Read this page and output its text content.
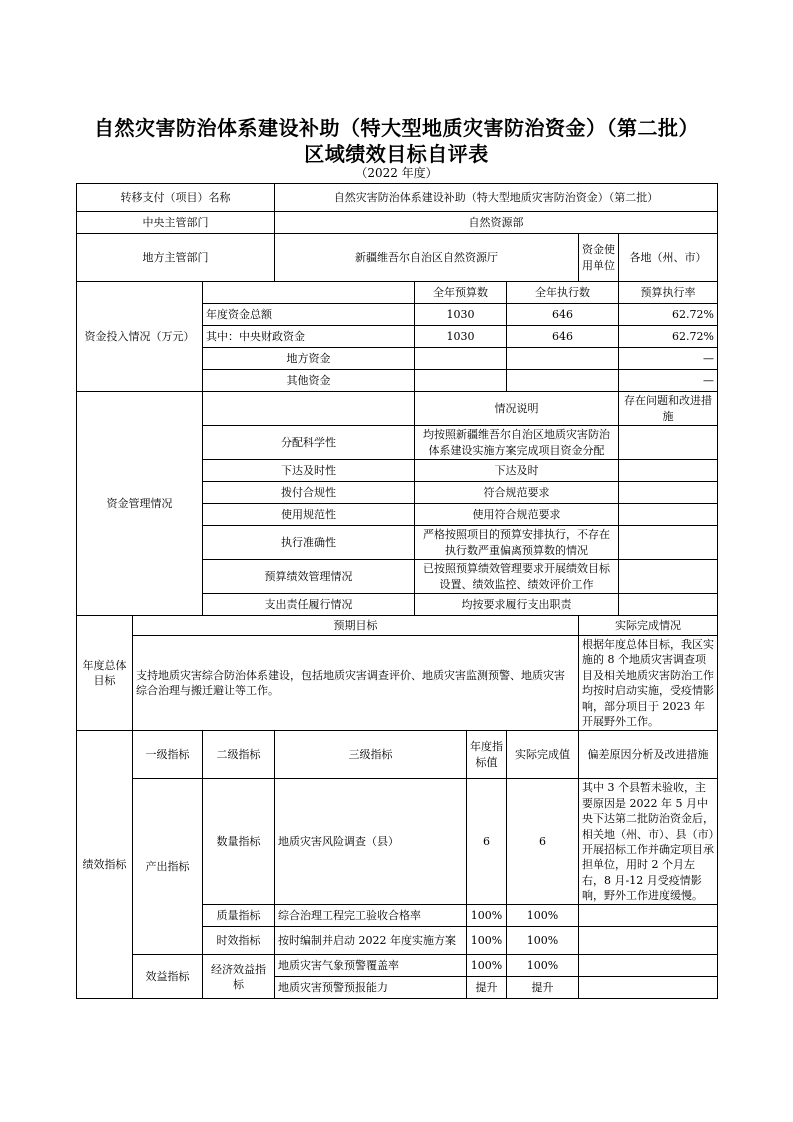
自然灾害防治体系建设补助（特大型地质灾害防治资金）（第二批）
区域绩效目标自评表
（2022 年度）
转移支付（项目）名称			自然灾害防治体系建设补助（特大型地质灾害防治资金）（第二批）					
中央主管部门			自然资源部					
地方主管部门			新疆维吾尔自治区自然资源厅				资金使用单位	各地（州、市）
资金投入情况（万元）				全年预算数		全年执行数		预算执行率
		年度资金总额		1030		646		62.72%
		其中：中央财政资金		1030		646		62.72%
		地方资金						—
		其他资金						—
资金管理情况				情况说明				存在问题和改进措施
		分配科学性		均按照新疆维吾尔自治区地质灾害防治体系建设实施方案完成项目资金分配				
		下达及时性		下达及时				
		拨付合规性		符合规范要求				
		使用规范性		使用符合规范要求				
		执行准确性		严格按照项目的预算安排执行，不存在执行数严重偏离预算数的情况				
		预算绩效管理情况		已按照预算绩效管理要求开展绩效目标设置、绩效监控、绩效评价工作				
		支出责任履行情况		均按要求履行支出职责				
年度总体目标	预期目标						实际完成情况	
	支持地质灾害综合防治体系建设，包括地质灾害调查评价、地质灾害监测预警、地质灾害综合治理与搬迁避让等工作。						根据年度总体目标，我区实施的 8 个地质灾害调查项目及相关地质灾害防治工作均按时启动实施，受疫情影响，部分项目于 2023 年开展野外工作。	
绩效指标	一级指标	二级指标	三级指标		年度指标值	实际完成值	偏差原因分析及改进措施	
	产出指标	数量指标	地质灾害风险调查（县）		6	6	其中 3 个县暂未验收，主要原因是 2022 年 5 月中央下达第二批防治资金后，相关地（州、市）、县（市）开展招标工作并确定项目承担单位，用时 2 个月左右，8 月-12 月受疫情影响，野外工作进度缓慢。	
		质量指标	综合治理工程完工验收合格率		100%	100%		
		时效指标	按时编制并启动 2022 年度实施方案		100%	100%		
	效益指标	经济效益指标	地质灾害气象预警覆盖率		100%	100%		
			地质灾害预警预报能力		提升	提升		
